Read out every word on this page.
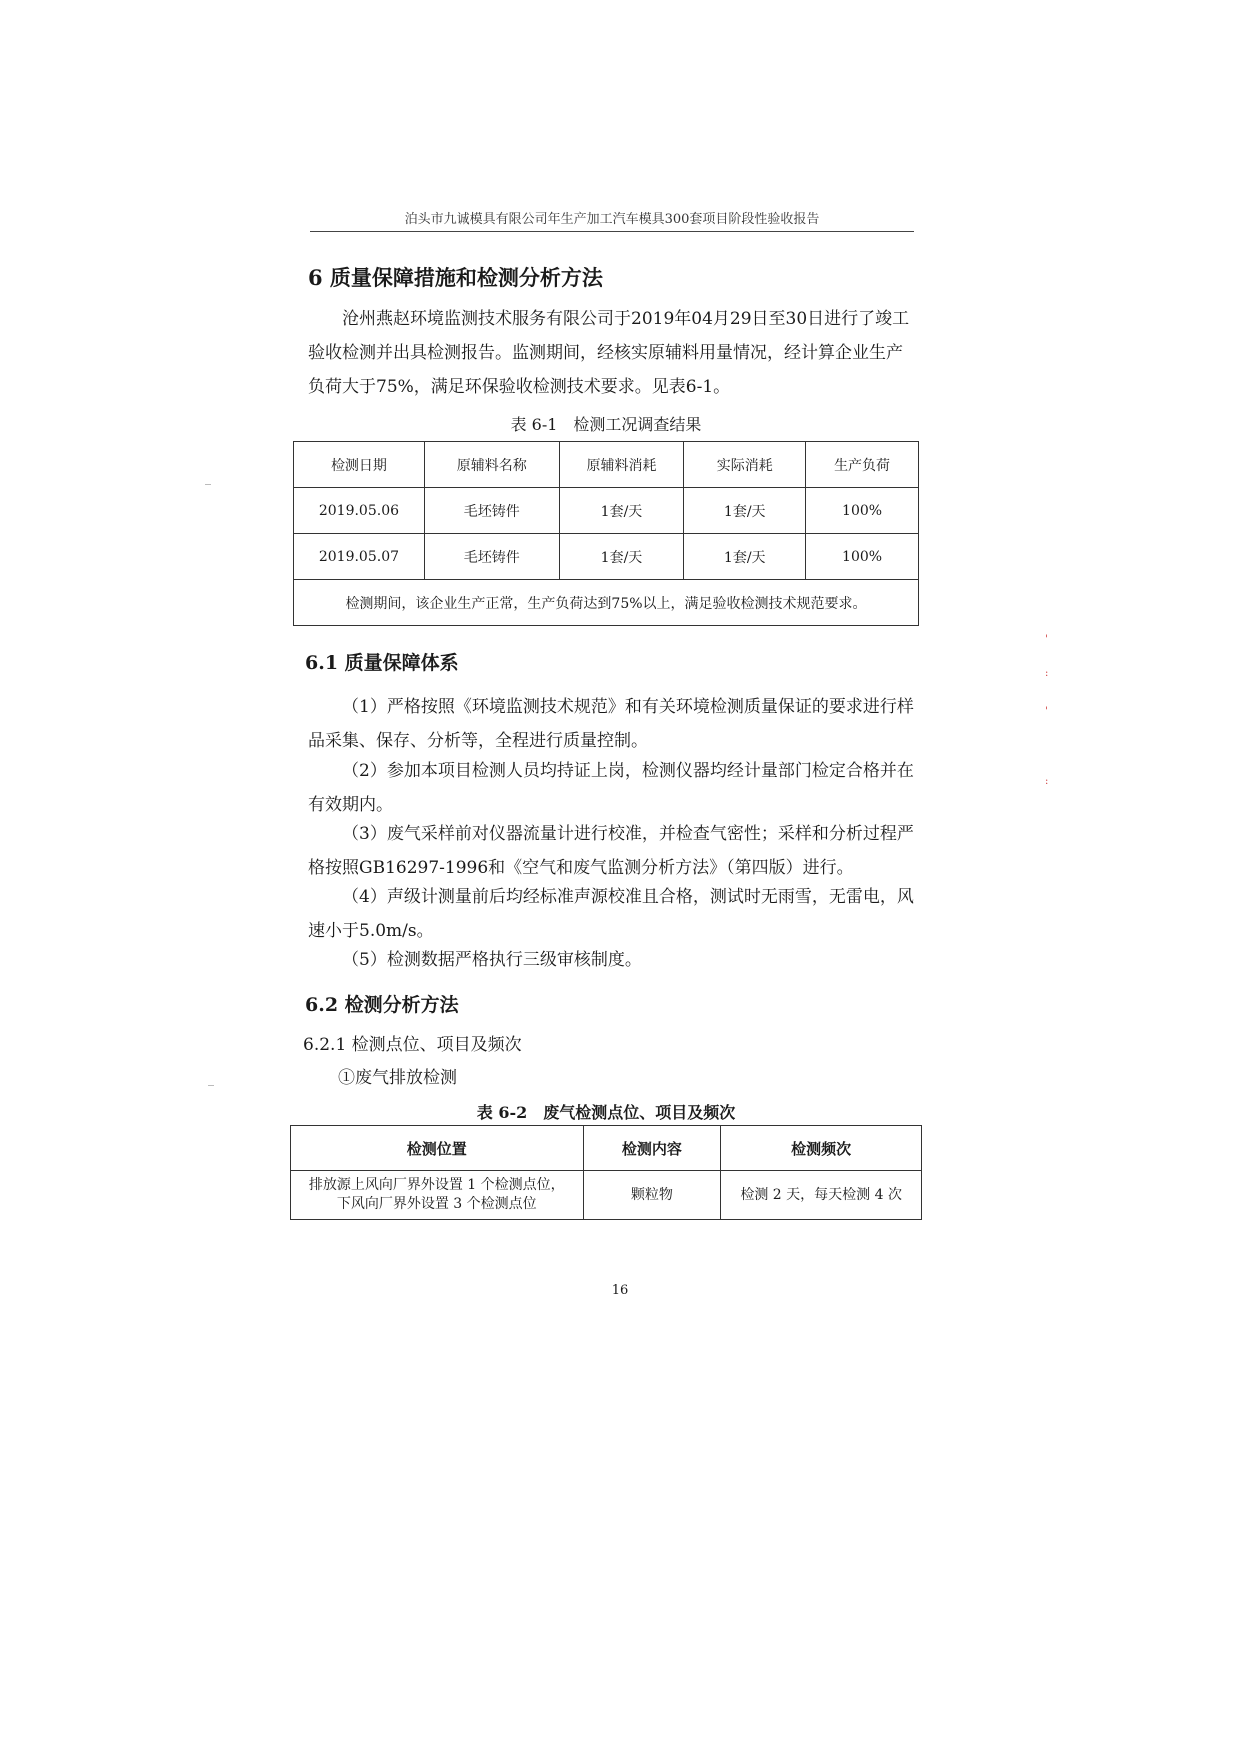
泊头市九诚模具有限公司年生产加工汽车模具300套项目阶段性验收报告
6 质量保障措施和检测分析方法

沧州燕赵环境监测技术服务有限公司于2019年04月29日至30日进行了竣工验收检测并出具检测报告。监测期间，经核实原辅料用量情况，经计算企业生产负荷大于75%，满足环保验收检测技术要求。见表6-1。

表 6-1　检测工况调查结果

检测日期	原辅料名称	原辅料消耗	实际消耗	生产负荷
2019.05.06	毛坯铸件	1套/天	1套/天	100%
2019.05.07	毛坯铸件	1套/天	1套/天	100%
检测期间，该企业生产正常，生产负荷达到75%以上，满足验收检测技术规范要求。				
6.1 质量保障体系

（1）严格按照《环境监测技术规范》和有关环境检测质量保证的要求进行样品采集、保存、分析等，全程进行质量控制。

（2）参加本项目检测人员均持证上岗，检测仪器均经计量部门检定合格并在有效期内。

（3）废气采样前对仪器流量计进行校准，并检查气密性；采样和分析过程严格按照GB16297-1996和《空气和废气监测分析方法》（第四版）进行。

（4）声级计测量前后均经标准声源校准且合格，测试时无雨雪，无雷电，风速小于5.0m/s。

（5）检测数据严格执行三级审核制度。

6.2 检测分析方法

6.2.1 检测点位、项目及频次

①废气排放检测

表 6-2　废气检测点位、项目及频次

检测位置	检测内容	检测频次

排放源上风向厂界外设置 1 个检测点位，
下风向厂界外设置 3 个检测点位	颗粒物	检测 2 天，每天检测 4 次
16
'
:
'
:
